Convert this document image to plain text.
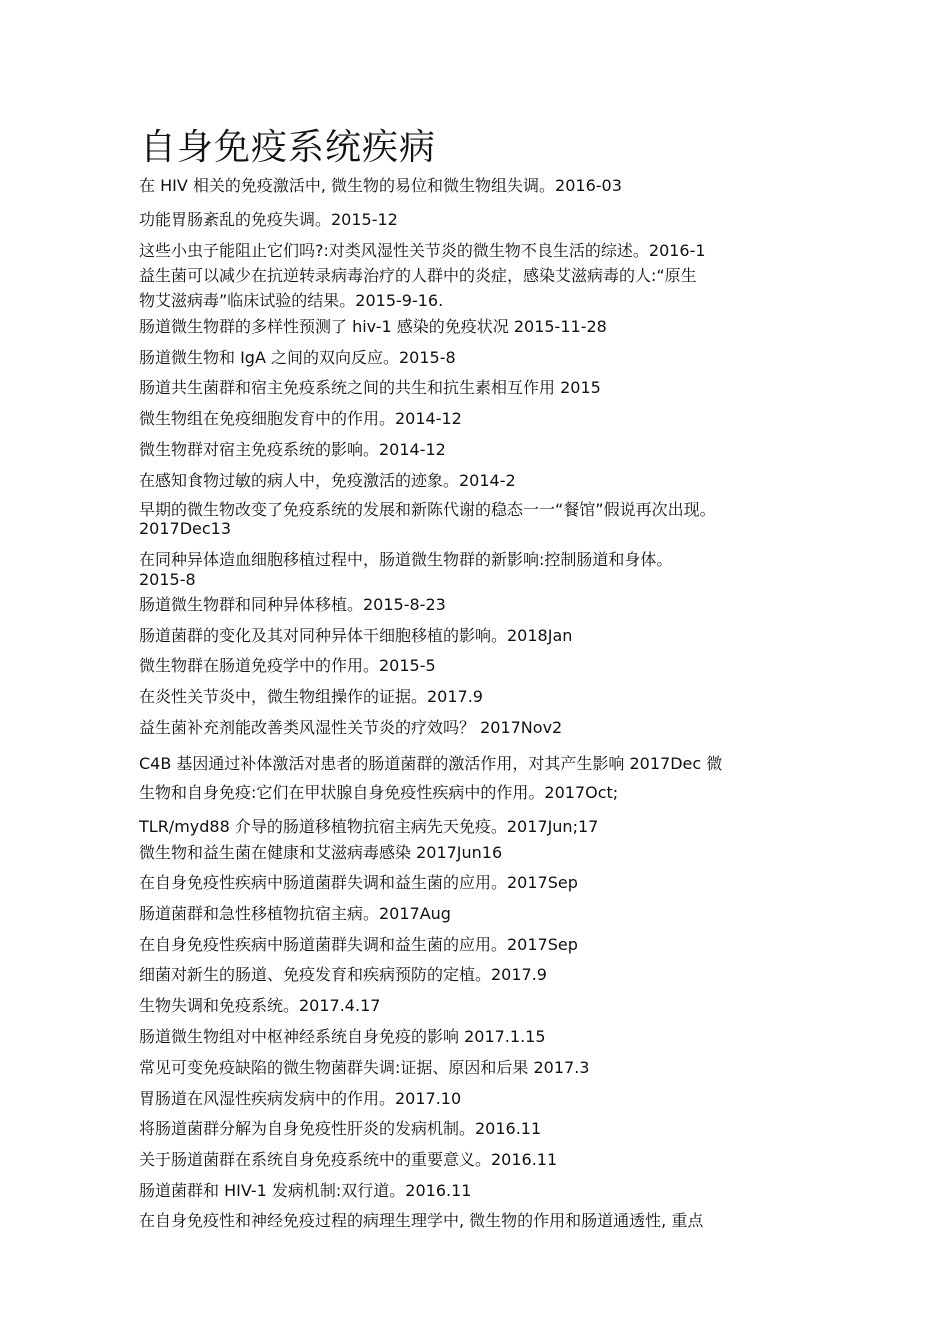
自身免疫系统疾病
在 HIV 相关的免疫激活中, 微生物的易位和微生物组失调。2016-03
功能胃肠紊乱的免疫失调。2015-12
这些小虫子能阻止它们吗?:对类风湿性关节炎的微生物不良生活的综述。2016-1
益生菌可以减少在抗逆转录病毒治疗的人群中的炎症，感染艾滋病毒的人:“原生
物艾滋病毒”临床试验的结果。2015-9-16.
肠道微生物群的多样性预测了 hiv-1 感染的免疫状况 2015-11-28
肠道微生物和 IgA 之间的双向反应。2015-8
肠道共生菌群和宿主免疫系统之间的共生和抗生素相互作用 2015
微生物组在免疫细胞发育中的作用。2014-12
微生物群对宿主免疫系统的影响。2014-12
在感知食物过敏的病人中，免疫激活的迹象。2014-2
早期的微生物改变了免疫系统的发展和新陈代谢的稳态一一“餐馆”假说再次出现。
2017Dec13
在同种异体造血细胞移植过程中，肠道微生物群的新影响:控制肠道和身体。
2015-8
肠道微生物群和同种异体移植。2015-8-23
肠道菌群的变化及其对同种异体干细胞移植的影响。2018Jan
微生物群在肠道免疫学中的作用。2015-5
在炎性关节炎中，微生物组操作的证据。2017.9
益生菌补充剂能改善类风湿性关节炎的疗效吗？ 2017Nov2
C4B 基因通过补体激活对患者的肠道菌群的激活作用，对其产生影响 2017Dec 微
生物和自身免疫:它们在甲状腺自身免疫性疾病中的作用。2017Oct;
TLR/myd88 介导的肠道移植物抗宿主病先天免疫。2017Jun;17
微生物和益生菌在健康和艾滋病毒感染 2017Jun16
在自身免疫性疾病中肠道菌群失调和益生菌的应用。2017Sep
肠道菌群和急性移植物抗宿主病。2017Aug
在自身免疫性疾病中肠道菌群失调和益生菌的应用。2017Sep
细菌对新生的肠道、免疫发育和疾病预防的定植。2017.9
生物失调和免疫系统。2017.4.17
肠道微生物组对中枢神经系统自身免疫的影响 2017.1.15
常见可变免疫缺陷的微生物菌群失调:证据、原因和后果 2017.3
胃肠道在风湿性疾病发病中的作用。2017.10
将肠道菌群分解为自身免疫性肝炎的发病机制。2016.11
关于肠道菌群在系统自身免疫系统中的重要意义。2016.11
肠道菌群和 HIV-1 发病机制:双行道。2016.11
在自身免疫性和神经免疫过程的病理生理学中, 微生物的作用和肠道通透性, 重点
